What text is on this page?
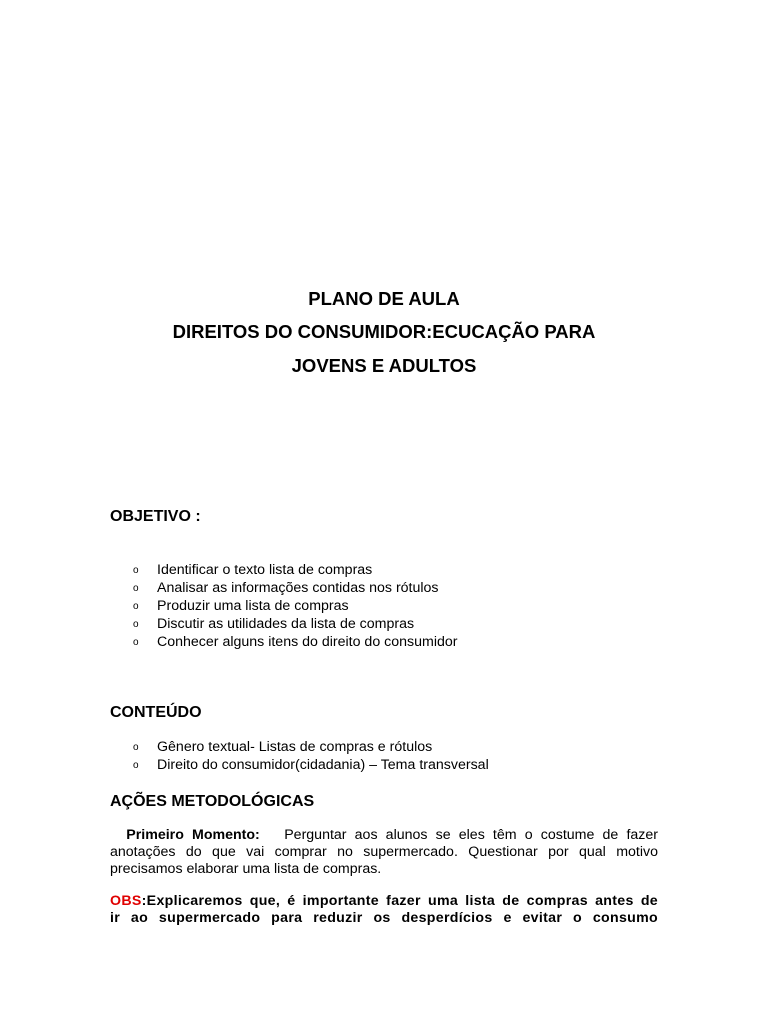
PLANO DE AULA
DIREITOS DO CONSUMIDOR:ECUCAÇÃO PARA
JOVENS E ADULTOS
OBJETIVO :
o Identificar o texto lista de compras
o Analisar as informações contidas nos rótulos
o Produzir uma lista de compras
o Discutir as utilidades da lista de compras
o Conhecer alguns itens do direito do consumidor
CONTEÚDO
o Gênero textual- Listas de compras e rótulos
o Direito do consumidor(cidadania) – Tema transversal
AÇÕES METODOLÓGICAS
Primeiro Momento: Perguntar aos alunos se eles têm o costume de fazer
anotações do que vai comprar no supermercado. Questionar por qual motivo
precisamos elaborar uma lista de compras.
OBS:Explicaremos que, é importante fazer uma lista de compras antes de
ir ao supermercado para reduzir os desperdícios e evitar o consumo
